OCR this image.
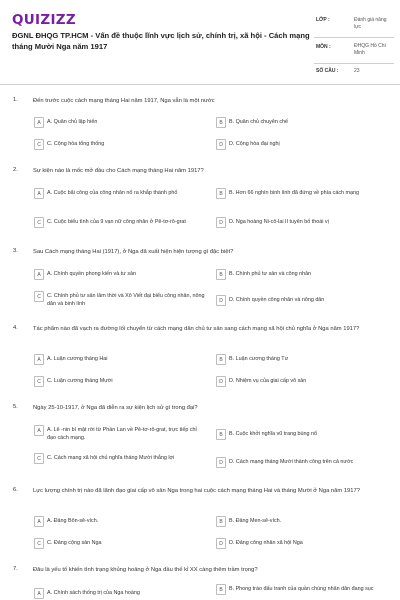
QUIZIZZ
ĐGNL ĐHQG TP.HCM - Vấn đề thuộc lĩnh vực lịch sử, chính trị, xã hội - Cách mạng tháng Mười Nga năm 1917
LỚP :	Đánh giá năng lực
MÔN :	ĐHQG Hồ Chí Minh
SỐ CÂU :	23
1.	Đến trước cuộc cách mạng tháng Hai năm 1917, Nga vẫn là một nước
A	A. Quân chủ lập hiến	B	B. Quân chủ chuyên chế
C	C. Cộng hòa tổng thống	D	D. Cộng hòa đại nghị
2.	Sự kiện nào là mốc mở đầu cho Cách mạng tháng Hai năm 1917?
A	A. Cuộc bãi công của công nhân nổ ra khắp thành phố	B	B. Hơn 66 nghìn binh lính đã đứng về phía cách mạng
C	C. Cuộc biểu tình của 9 vạn nữ công nhân ở Pê-tơ-rô-grat	D	D. Nga hoàng Ni-cô-lai II tuyên bố thoái vị
3.	Sau Cách mạng tháng Hai (1917), ở Nga đã xuất hiện hiện tượng gì đặc biệt?
A	A. Chính quyền phong kiến và tư sản	B	B. Chính phủ tư sản và công nhân
C	C. Chính phủ tư sản lâm thời và Xô Viết đại biểu công nhân, nông dân và binh lính
D	D. Chính quyền công nhân và nông dân
4.	Tác phẩm nào đã vạch ra đường lối chuyển từ cách mạng dân chủ tư sản sang cách mạng xã hội chủ nghĩa ở Nga năm 1917?
A	A. Luận cương tháng Hai	B	B. Luận cương tháng Tư
C	C. Luận cương tháng Mười	D	D. Nhiệm vụ của giai cấp vô sản
5.	Ngày 25-10-1917, ở Nga đã diễn ra sự kiện lịch sử gì trong đại?
A	A. Lê -nin bí mật rời từ Phần Lan về Pê-tơ-rô-grat, trực tiếp chỉ đạo cách mạng.
B	B. Cuộc khởi nghĩa vũ trang bùng nổ
C	C. Cách mạng xã hội chủ nghĩa tháng Mười thắng lợi
D	D. Cách mạng tháng Mười thành công trên cả nước
6.	Lực lượng chính trị nào đã lãnh đạo giai cấp vô sản Nga trong hai cuộc cách mạng tháng Hai và tháng Mười ở Nga năm 1917?
A	A. Đảng Bôn-sê-vích.	B	B. Đảng Men-sê-vích.
C	C. Đảng cộng sản Nga	D	D. Đảng công nhân xã hội Nga
7.	Đâu là yếu tố khiến tình trạng khủng hoảng ở Nga đầu thế kỉ XX càng thêm trầm trọng?
A	A. Chính sách thống trị của Nga hoàng
B	B. Phong trào đấu tranh của quần chúng nhân dân đang sục
